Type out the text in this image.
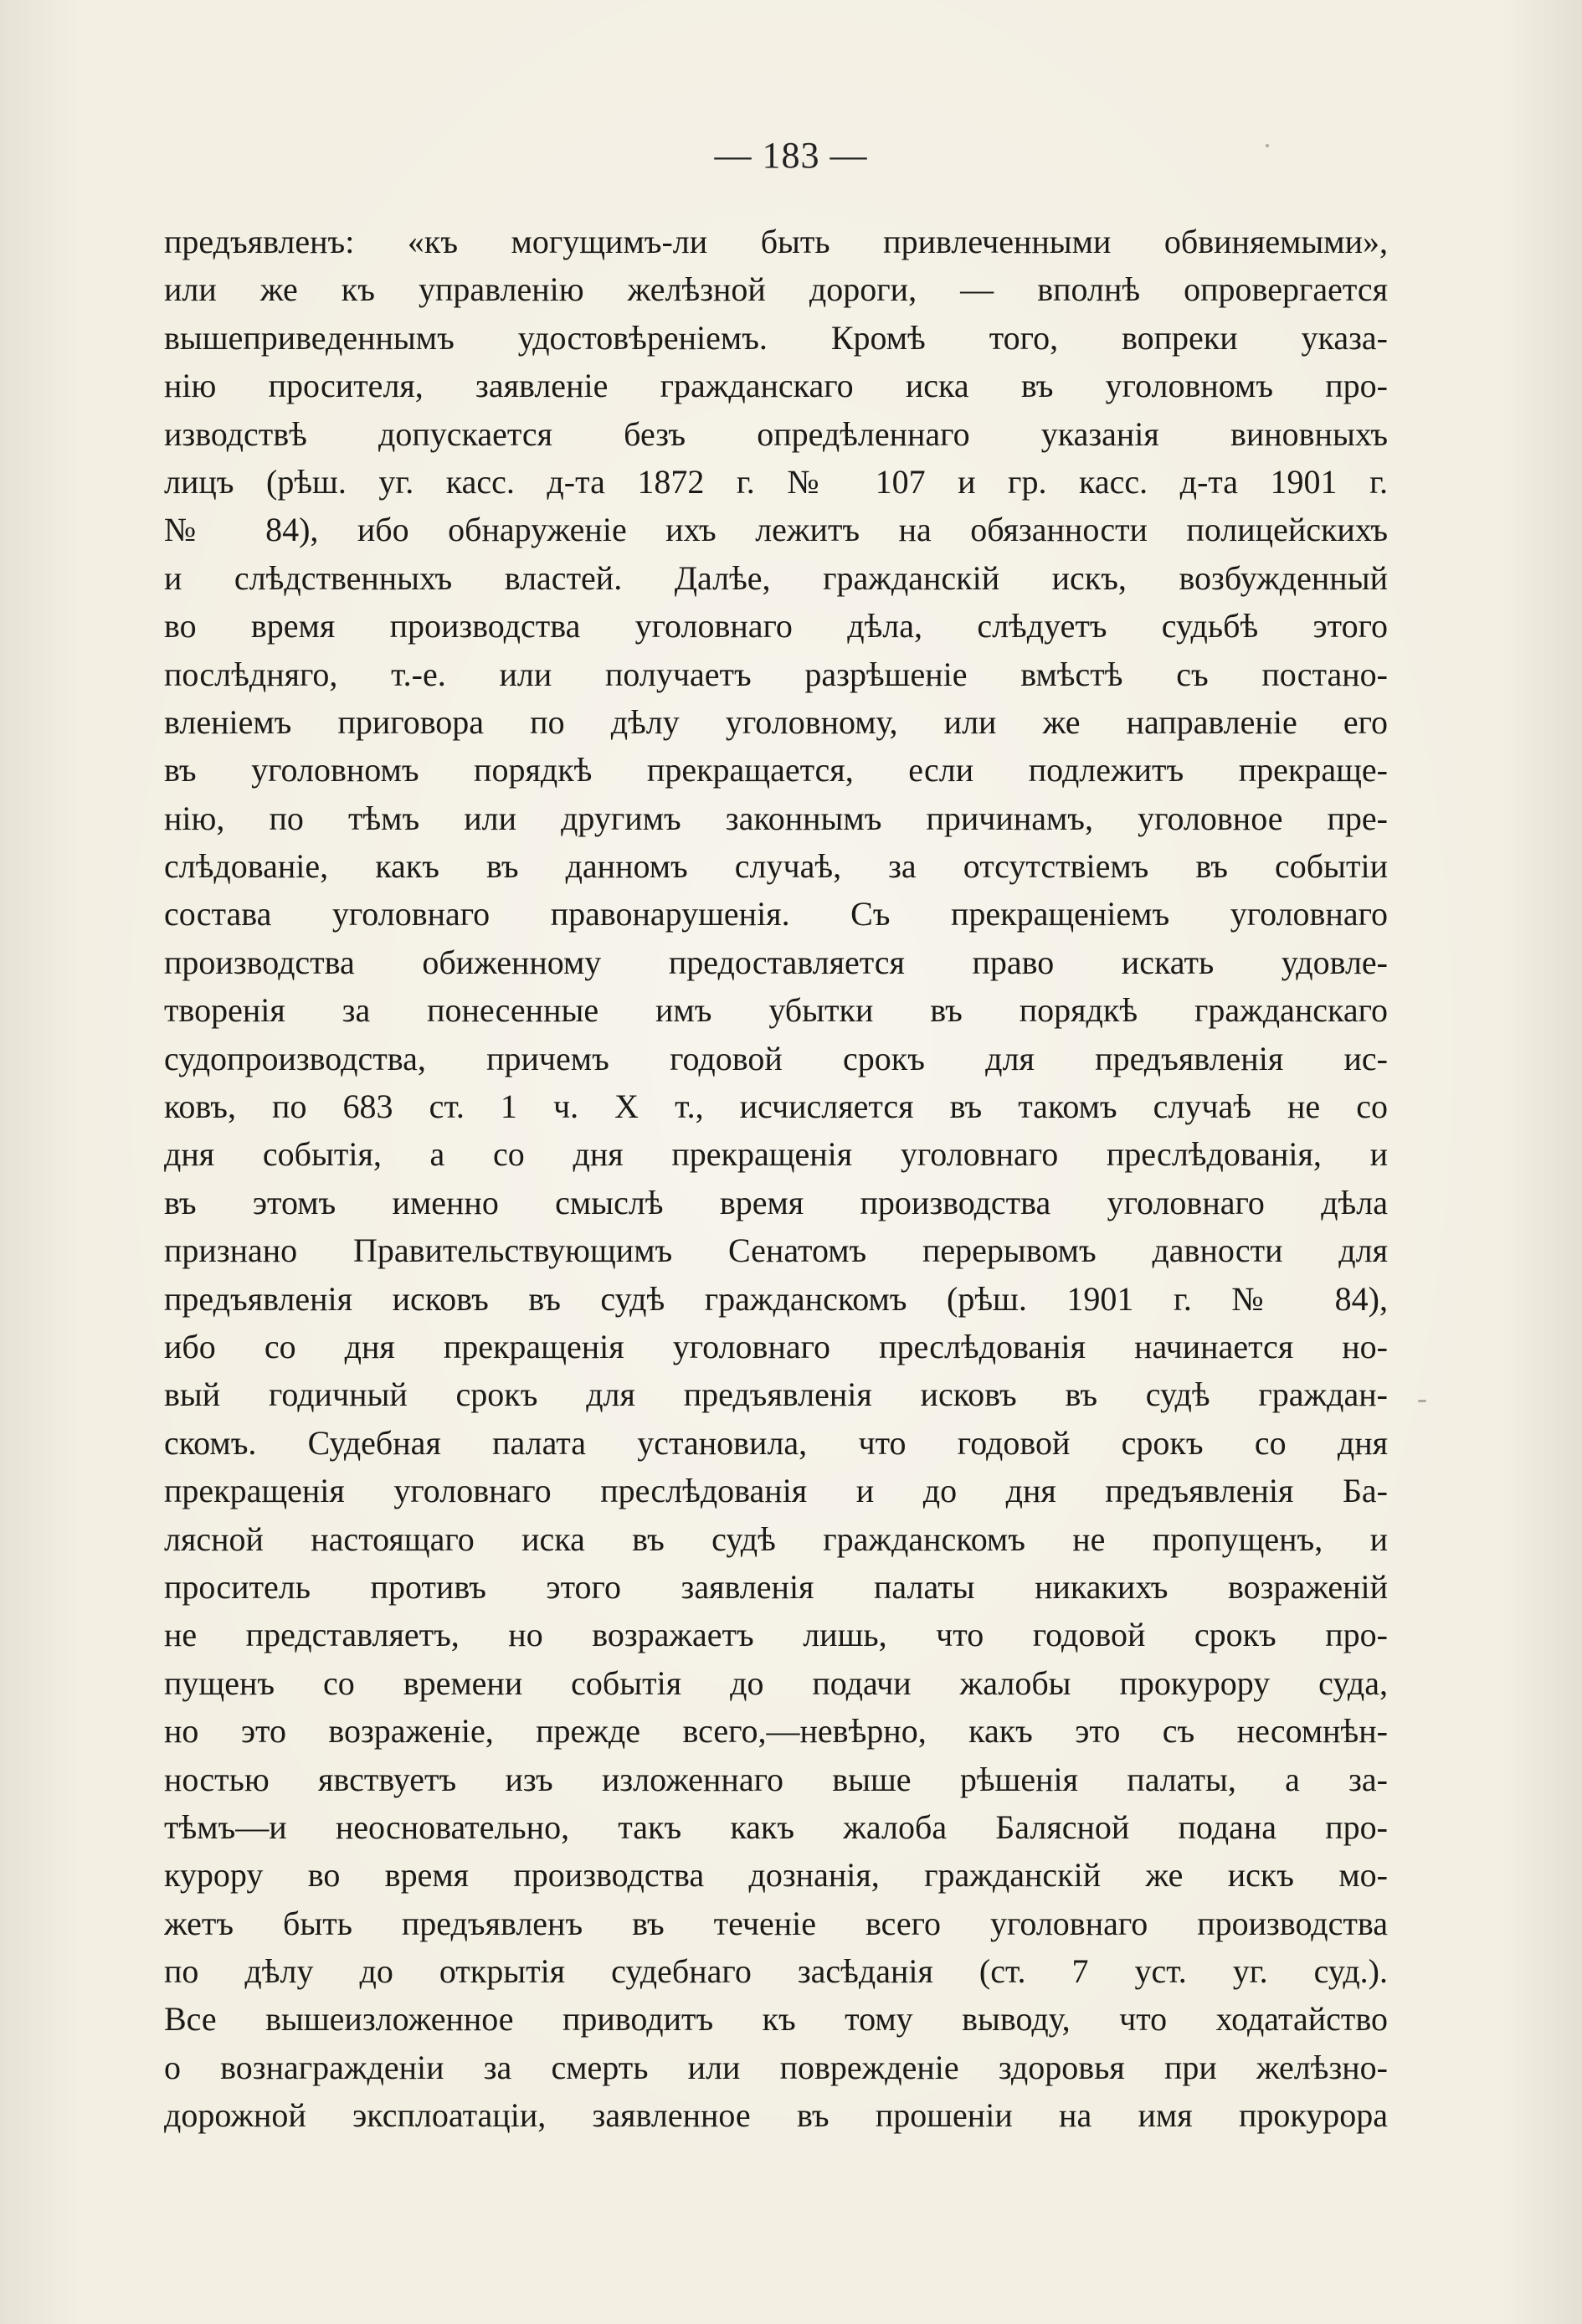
— 183 —
предъявленъ: «къ могущимъ-ли быть привлеченными обвиняемыми»,
или же къ управленію желѣзной дороги, — вполнѣ опровергается
вышеприведеннымъ удостовѣреніемъ. Кромѣ того, вопреки указа-
нію просителя, заявленіе гражданскаго иска въ уголовномъ про-
изводствѣ допускается безъ опредѣленнаго указанія виновныхъ
лицъ (рѣш. уг. касс. д-та 1872 г. № 107 и гр. касс. д-та 1901 г.
№ 84), ибо обнаруженіе ихъ лежитъ на обязанности полицейскихъ
и слѣдственныхъ властей. Далѣе, гражданскій искъ, возбужденный
во время производства уголовнаго дѣла, слѣдуетъ судьбѣ этого
послѣдняго, т.-е. или получаетъ разрѣшеніе вмѣстѣ съ постано-
вленіемъ приговора по дѣлу уголовному, или же направленіе его
въ уголовномъ порядкѣ прекращается, если подлежитъ прекраще-
нію, по тѣмъ или другимъ законнымъ причинамъ, уголовное пре-
слѣдованіе, какъ въ данномъ случаѣ, за отсутствіемъ въ событіи
состава уголовнаго правонарушенія. Съ прекращеніемъ уголовнаго
производства обиженному предоставляется право искать удовле-
творенія за понесенные имъ убытки въ порядкѣ гражданскаго
судопроизводства, причемъ годовой срокъ для предъявленія ис-
ковъ, по 683 ст. 1 ч. X т., исчисляется въ такомъ случаѣ не со
дня событія, а со дня прекращенія уголовнаго преслѣдованія, и
въ этомъ именно смыслѣ время производства уголовнаго дѣла
признано Правительствующимъ Сенатомъ перерывомъ давности для
предъявленія исковъ въ судѣ гражданскомъ (рѣш. 1901 г. № 84),
ибо со дня прекращенія уголовнаго преслѣдованія начинается но-
вый годичный срокъ для предъявленія исковъ въ судѣ граждан-
скомъ. Судебная палата установила, что годовой срокъ со дня
прекращенія уголовнаго преслѣдованія и до дня предъявленія Ба-
лясной настоящаго иска въ судѣ гражданскомъ не пропущенъ, и
проситель противъ этого заявленія палаты никакихъ возраженій
не представляетъ, но возражаетъ лишь, что годовой срокъ про-
пущенъ со времени событія до подачи жалобы прокурору суда,
но это возраженіе, прежде всего,—невѣрно, какъ это съ несомнѣн-
ностью явствуетъ изъ изложеннаго выше рѣшенія палаты, а за-
тѣмъ—и неосновательно, такъ какъ жалоба Балясной подана про-
курору во время производства дознанія, гражданскій же искъ мо-
жетъ быть предъявленъ въ теченіе всего уголовнаго производства
по дѣлу до открытія судебнаго засѣданія (ст. 7 уст. уг. суд.).
Все вышеизложенное приводитъ къ тому выводу, что ходатайство
о вознагражденіи за смерть или поврежденіе здоровья при желѣзно-
дорожной эксплоатаціи, заявленное въ прошеніи на имя прокурора
